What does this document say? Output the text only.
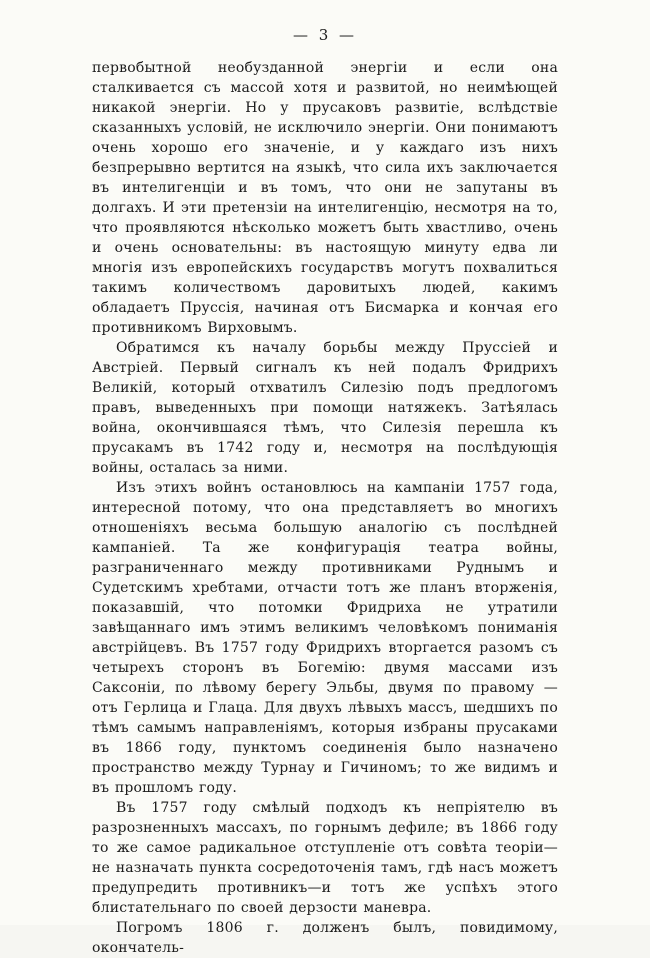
— 3 —

первобытной необузданной энергіи и если она сталкивается съ массой хотя и развитой, но неимѣющей никакой энергіи. Но у прусаковъ развитіе, вслѣдствіе сказанныхъ условій, не исключило энергіи. Они понимаютъ очень хорошо его значеніе, и у каждаго изъ нихъ безпрерывно вертится на языкѣ, что сила ихъ заключается въ интелигенціи и въ томъ, что они не запутаны въ долгахъ. И эти претензіи на интелигенцію, несмотря на то, что проявляются нѣсколько можетъ быть хвастливо, очень и очень основательны: въ настоящую минуту едва ли многія изъ европейскихъ государствъ могутъ похвалиться такимъ количествомъ даровитыхъ людей, какимъ обладаетъ Пруссія, начиная отъ Бисмарка и кончая его противникомъ Вирховымъ.

Обратимся къ началу борьбы между Пруссіей и Австріей. Первый сигналъ къ ней подалъ Фридрихъ Великій, который отхватилъ Силезію подъ предлогомъ правъ, выведенныхъ при помощи натяжекъ. Затѣялась война, окончившаяся тѣмъ, что Силезія перешла къ прусакамъ въ 1742 году и, несмотря на послѣдующія войны, осталась за ними.

Изъ этихъ войнъ остановлюсь на кампаніи 1757 года, интересной потому, что она представляетъ во многихъ отношеніяхъ весьма большую аналогію съ послѣдней кампаніей. Та же конфигурація театра войны, разграниченнаго между противниками Руднымъ и Судетскимъ хребтами, отчасти тотъ же планъ вторженія, показавшій, что потомки Фридриха не утратили завѣщаннаго имъ этимъ великимъ человѣкомъ пониманія австрійцевъ. Въ 1757 году Фридрихъ вторгается разомъ съ четырехъ сторонъ въ Богемію: двумя массами изъ Саксоніи, по лѣвому берегу Эльбы, двумя по правому — отъ Герлица и Глаца. Для двухъ лѣвыхъ массъ, шедшихъ по тѣмъ самымъ направленіямъ, которыя избраны прусаками въ 1866 году, пунктомъ соединенія было назначено пространство между Турнау и Гичиномъ; то же видимъ и въ прошломъ году.

Въ 1757 году смѣлый подходъ къ непріятелю въ разрозненныхъ массахъ, по горнымъ дефиле; въ 1866 году то же самое радикальное отступленіе отъ совѣта теоріи—не назначать пункта сосредоточенія тамъ, гдѣ насъ можетъ предупредить противникъ—и тотъ же успѣхъ этого блистательнаго по своей дерзости маневра.

Погромъ 1806 г. долженъ былъ, повидимому, окончатель-
